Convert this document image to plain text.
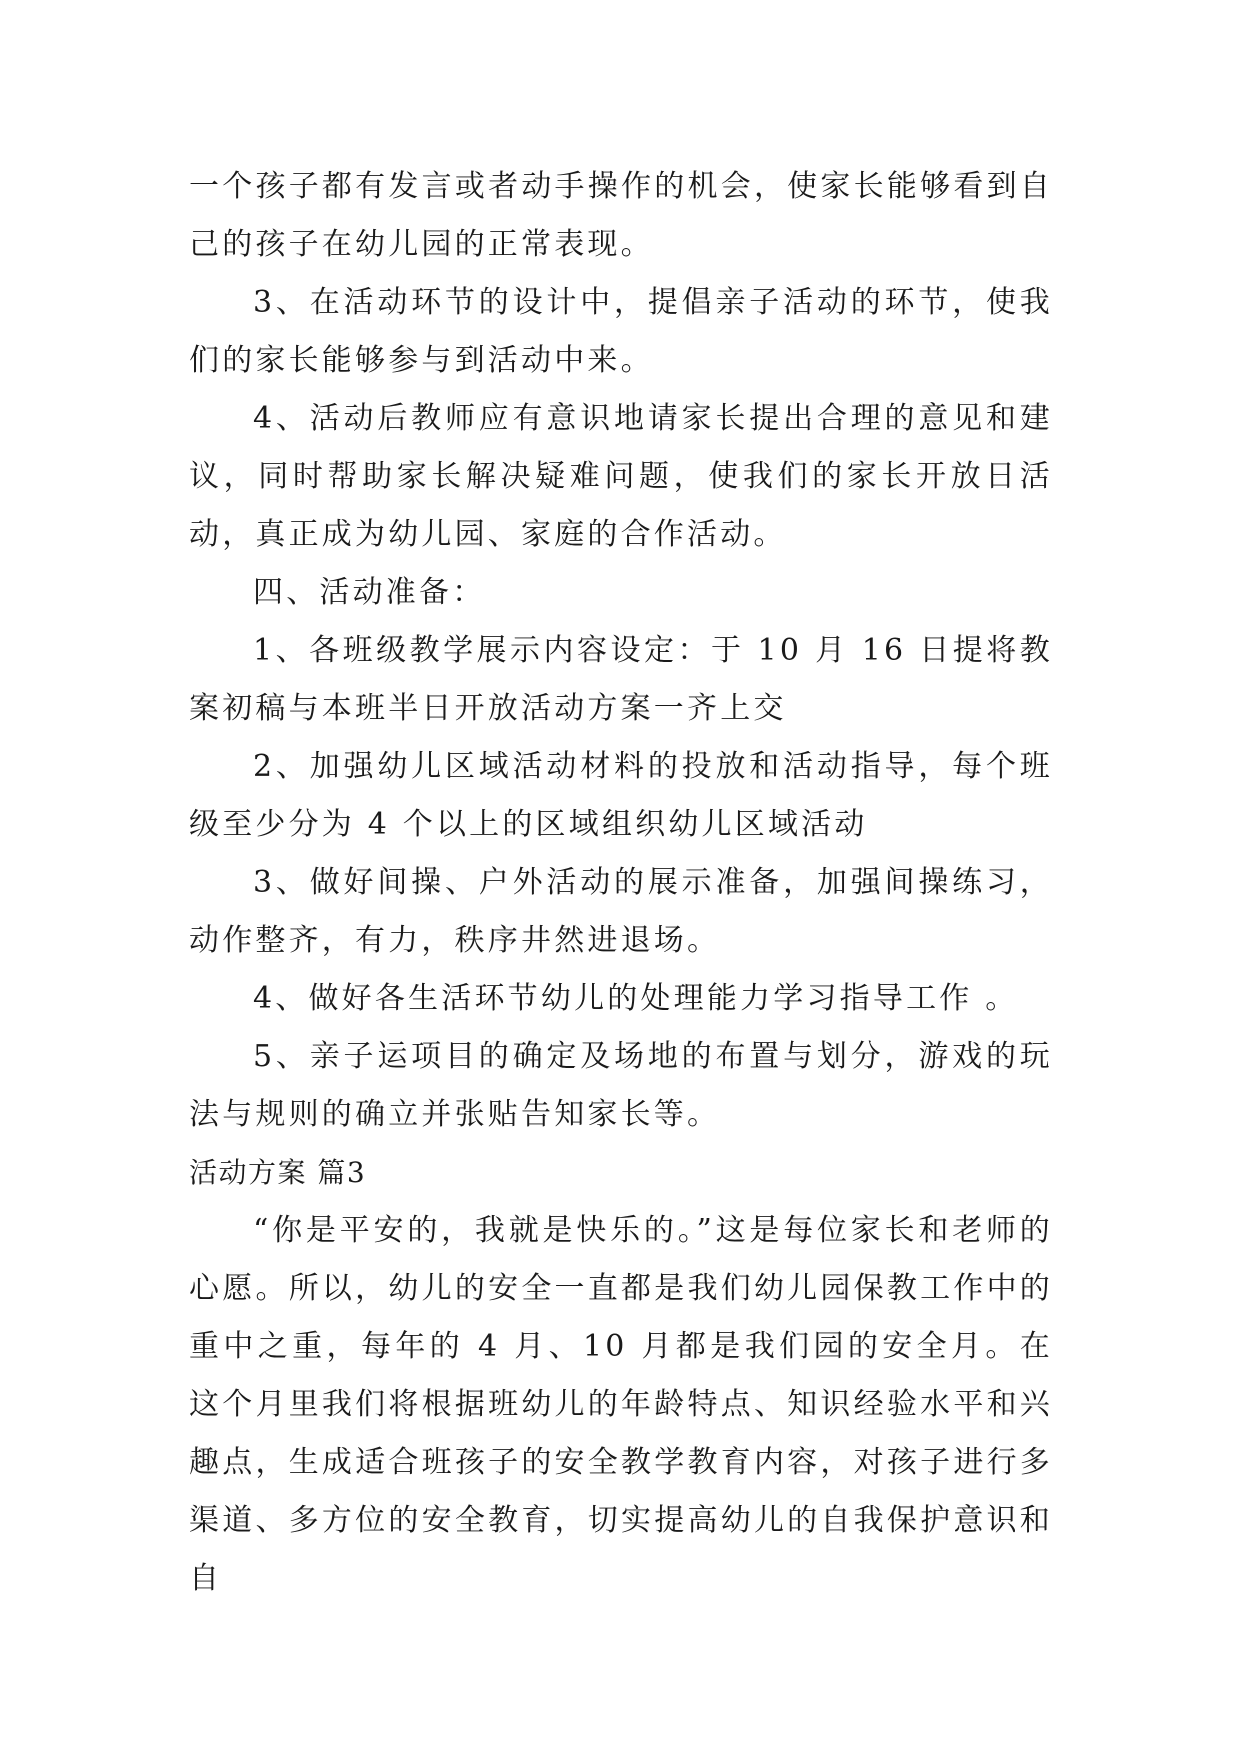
一个孩子都有发言或者动手操作的机会，使家长能够看到自己的孩子在幼儿园的正常表现。

3、在活动环节的设计中，提倡亲子活动的环节，使我们的家长能够参与到活动中来。

4、活动后教师应有意识地请家长提出合理的意见和建议，同时帮助家长解决疑难问题，使我们的家长开放日活动，真正成为幼儿园、家庭的合作活动。

四、活动准备：

1、各班级教学展示内容设定：于 10 月 16 日提将教案初稿与本班半日开放活动方案一齐上交

2、加强幼儿区域活动材料的投放和活动指导，每个班级至少分为 4 个以上的区域组织幼儿区域活动

3、做好间操、户外活动的展示准备，加强间操练习，动作整齐，有力，秩序井然进退场。

4、做好各生活环节幼儿的处理能力学习指导工作 。

5、亲子运项目的确定及场地的布置与划分，游戏的玩法与规则的确立并张贴告知家长等。

活动方案 篇3

“你是平安的，我就是快乐的。”这是每位家长和老师的心愿。所以，幼儿的安全一直都是我们幼儿园保教工作中的重中之重，每年的 4 月、10 月都是我们园的安全月。在这个月里我们将根据班幼儿的年龄特点、知识经验水平和兴趣点，生成适合班孩子的安全教学教育内容，对孩子进行多渠道、多方位的安全教育，切实提高幼儿的自我保护意识和自
